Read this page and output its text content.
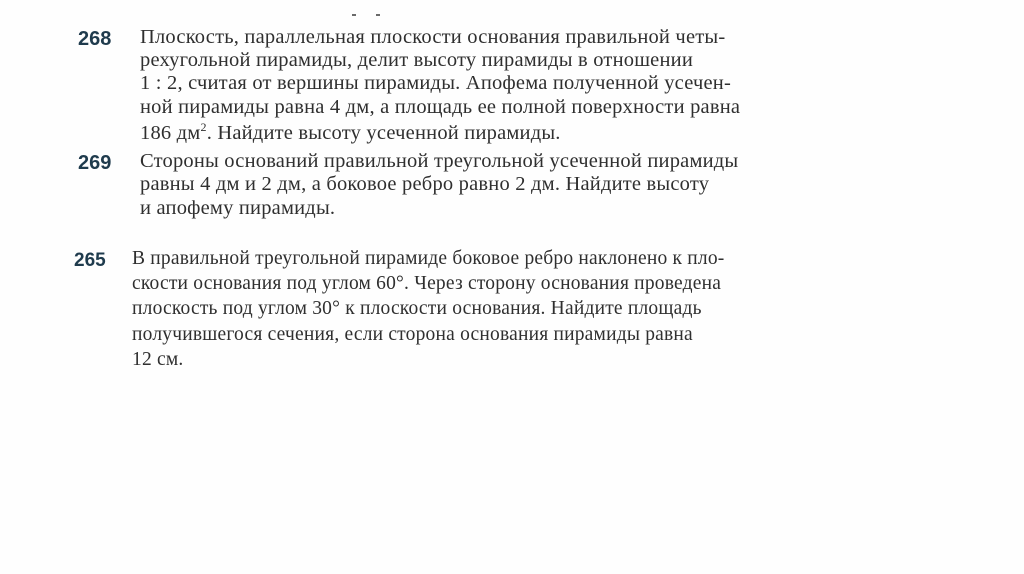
268 Плоскость, параллельная плоскости основания правильной четы-
рехугольной пирамиды, делит высоту пирамиды в отношении
1 : 2, считая от вершины пирамиды. Апофема полученной усечен-
ной пирамиды равна 4 дм, а площадь ее полной поверхности равна
186 $дм^2$. Найдите высоту усеченной пирамиды.
269 Стороны оснований правильной треугольной усеченной пирамиды
равны 4 дм и 2 дм, а боковое ребро равно 2 дм. Найдите высоту
и апофему пирамиды.
265 В правильной треугольной пирамиде боковое ребро наклонено к пло-
скости основания под углом 60°. Через сторону основания проведена
плоскость под углом 30° к плоскости основания. Найдите площадь
получившегося сечения, если сторона основания пирамиды равна
12 см.
